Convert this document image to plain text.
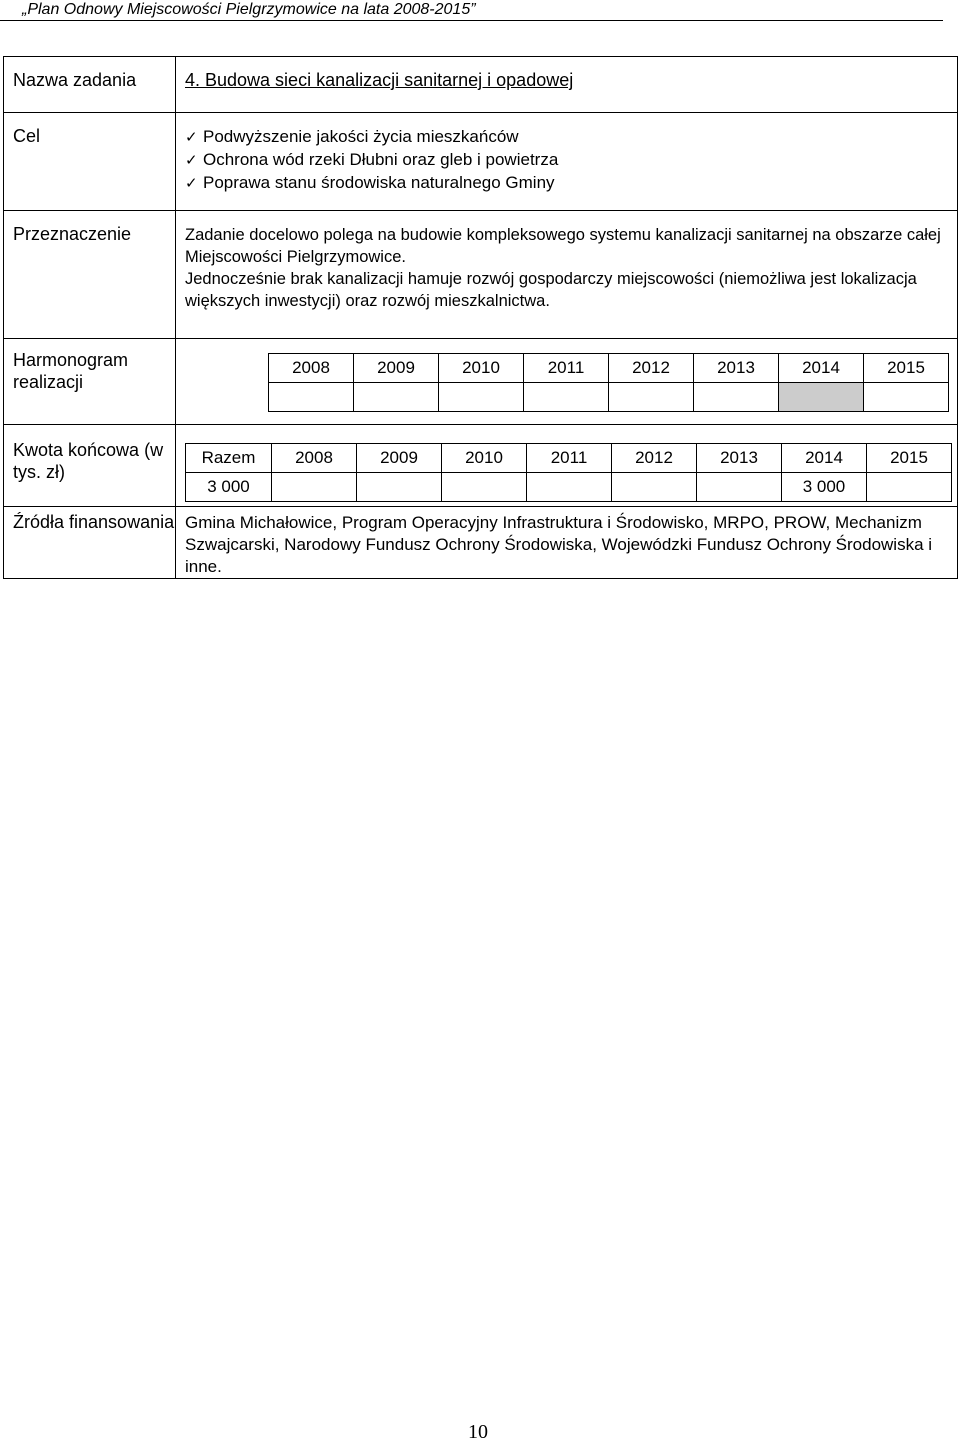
„Plan Odnowy Miejscowości Pielgrzymowice na lata 2008-2015”
Nazwa zadania	4. Budowa sieci kanalizacji sanitarnej i opadowej

Cel	✓ Podwyższenie jakości życia mieszkańców
✓ Ochrona wód rzeki Dłubni oraz gleb i powietrza
✓ Poprawa stanu środowiska naturalnego Gminy

Przeznaczenie	Zadanie docelowo polega na budowie kompleksowego systemu kanalizacji sanitarnej na obszarze całej Miejscowości Pielgrzymowice.

Jednocześnie brak kanalizacji hamuje rozwój gospodarczy miejscowości (niemożliwa jest lokalizacja większych inwestycji) oraz rozwój mieszkalnictwa.

Harmonogram realizacji

2008	2009	2010	2011	2012	2013	2014	2015

Kwota końcowa (w tys. zł)

Razem	2008	2009	2010	2011	2012	2013	2014	2015
3 000							3 000	

Źródła finansowania	Gmina Michałowice, Program Operacyjny Infrastruktura i Środowisko, MRPO, PROW, Mechanizm Szwajcarski, Narodowy Fundusz Ochrony Środowiska, Wojewódzki Fundusz Ochrony Środowiska i inne.
10
